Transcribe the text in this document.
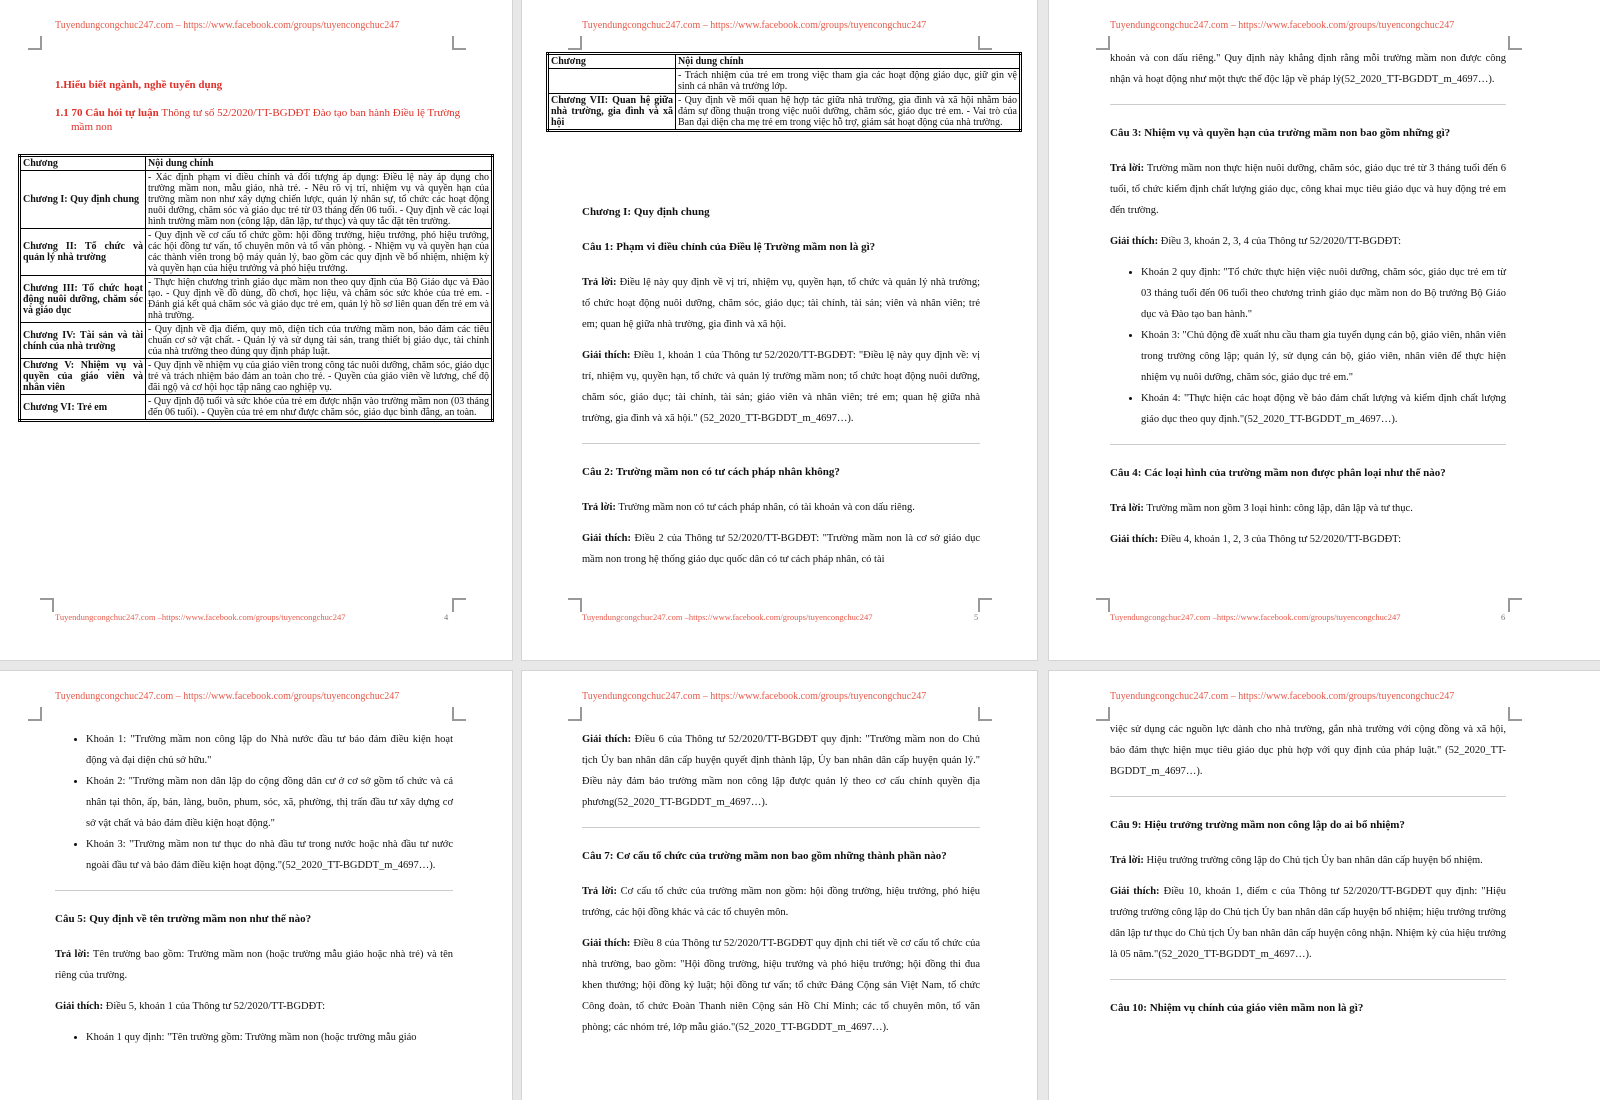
Tuyendungcongchuc247.com – https://www.facebook.com/groups/tuyencongchuc247
1.Hiểu biết ngành, nghề tuyển dụng
1.1 70 Câu hỏi tự luận Thông tư số 52/2020/TT-BGDĐT Đào tạo ban hành Điều lệ Trường mầm non
Chương	Nội dung chính
Chương I: Quy định chung	- Xác định phạm vi điều chỉnh và đối tượng áp dụng: Điều lệ này áp dụng cho trường mầm non, mẫu giáo, nhà trẻ. - Nêu rõ vị trí, nhiệm vụ và quyền hạn của trường mầm non như xây dựng chiến lược, quản lý nhân sự, tổ chức các hoạt động nuôi dưỡng, chăm sóc và giáo dục trẻ từ 03 tháng đến 06 tuổi. - Quy định về các loại hình trường mầm non (công lập, dân lập, tư thục) và quy tắc đặt tên trường.
Chương II: Tổ chức và quản lý nhà trường	- Quy định về cơ cấu tổ chức gồm: hội đồng trường, hiệu trưởng, phó hiệu trưởng, các hội đồng tư vấn, tổ chuyên môn và tổ văn phòng. - Nhiệm vụ và quyền hạn của các thành viên trong bộ máy quản lý, bao gồm các quy định về bổ nhiệm, nhiệm kỳ và quyền hạn của hiệu trưởng và phó hiệu trưởng.
Chương III: Tổ chức hoạt động nuôi dưỡng, chăm sóc và giáo dục	- Thực hiện chương trình giáo dục mầm non theo quy định của Bộ Giáo dục và Đào tạo. - Quy định về đồ dùng, đồ chơi, học liệu, và chăm sóc sức khỏe của trẻ em. - Đánh giá kết quả chăm sóc và giáo dục trẻ em, quản lý hồ sơ liên quan đến trẻ em và nhà trường.
Chương IV: Tài sản và tài chính của nhà trường	- Quy định về địa điểm, quy mô, diện tích của trường mầm non, bảo đảm các tiêu chuẩn cơ sở vật chất. - Quản lý và sử dụng tài sản, trang thiết bị giáo dục, tài chính của nhà trường theo đúng quy định pháp luật.
Chương V: Nhiệm vụ và quyền của giáo viên và nhân viên	- Quy định về nhiệm vụ của giáo viên trong công tác nuôi dưỡng, chăm sóc, giáo dục trẻ và trách nhiệm bảo đảm an toàn cho trẻ. - Quyền của giáo viên về lương, chế độ đãi ngộ và cơ hội học tập nâng cao nghiệp vụ.
Chương VI: Trẻ em	- Quy định độ tuổi và sức khỏe của trẻ em được nhận vào trường mầm non (03 tháng đến 06 tuổi). - Quyền của trẻ em như được chăm sóc, giáo dục bình đẳng, an toàn.
Tuyendungcongchuc247.com –https://www.facebook.com/groups/tuyencongchuc247	4
Tuyendungcongchuc247.com – https://www.facebook.com/groups/tuyencongchuc247
Chương	Nội dung chính
	- Trách nhiệm của trẻ em trong việc tham gia các hoạt động giáo dục, giữ gìn vệ sinh cá nhân và trường lớp.
Chương VII: Quan hệ giữa nhà trường, gia đình và xã hội	- Quy định về mối quan hệ hợp tác giữa nhà trường, gia đình và xã hội nhằm bảo đảm sự đồng thuận trong việc nuôi dưỡng, chăm sóc, giáo dục trẻ em. - Vai trò của Ban đại diện cha mẹ trẻ em trong việc hỗ trợ, giám sát hoạt động của nhà trường.
Chương I: Quy định chung
Câu 1: Phạm vi điều chỉnh của Điều lệ Trường mầm non là gì?

Trả lời: Điều lệ này quy định về vị trí, nhiệm vụ, quyền hạn, tổ chức và quản lý nhà trường; tổ chức hoạt động nuôi dưỡng, chăm sóc, giáo dục; tài chính, tài sản; viên và nhân viên; trẻ em; quan hệ giữa nhà trường, gia đình và xã hội.

Giải thích: Điều 1, khoản 1 của Thông tư 52/2020/TT-BGDĐT: "Điều lệ này quy định về: vị trí, nhiệm vụ, quyền hạn, tổ chức và quản lý trường mầm non; tổ chức hoạt động nuôi dưỡng, chăm sóc, giáo dục; tài chính, tài sản; giáo viên và nhân viên; trẻ em; quan hệ giữa nhà trường, gia đình và xã hội." (52_2020_TT-BGDDT_m_4697…).

Câu 2: Trường mầm non có tư cách pháp nhân không?

Trả lời: Trường mầm non có tư cách pháp nhân, có tài khoản và con dấu riêng.

Giải thích: Điều 2 của Thông tư 52/2020/TT-BGDĐT: "Trường mầm non là cơ sở giáo dục mầm non trong hệ thống giáo dục quốc dân có tư cách pháp nhân, có tài

Tuyendungcongchuc247.com –https://www.facebook.com/groups/tuyencongchuc247	5
Tuyendungcongchuc247.com – https://www.facebook.com/groups/tuyencongchuc247

khoản và con dấu riêng." Quy định này khẳng định rằng mỗi trường mầm non được công nhận và hoạt động như một thực thể độc lập về pháp lý(52_2020_TT-BGDDT_m_4697…).

Câu 3: Nhiệm vụ và quyền hạn của trường mầm non bao gồm những gì?

Trả lời: Trường mầm non thực hiện nuôi dưỡng, chăm sóc, giáo dục trẻ từ 3 tháng tuổi đến 6 tuổi, tổ chức kiểm định chất lượng giáo dục, công khai mục tiêu giáo dục và huy động trẻ em đến trường.

Giải thích: Điều 3, khoản 2, 3, 4 của Thông tư 52/2020/TT-BGDĐT:

• Khoản 2 quy định: "Tổ chức thực hiện việc nuôi dưỡng, chăm sóc, giáo dục trẻ em từ 03 tháng tuổi đến 06 tuổi theo chương trình giáo dục mầm non do Bộ trưởng Bộ Giáo dục và Đào tạo ban hành."
• Khoản 3: "Chủ động đề xuất nhu cầu tham gia tuyển dụng cán bộ, giáo viên, nhân viên trong trường công lập; quản lý, sử dụng cán bộ, giáo viên, nhân viên để thực hiện nhiệm vụ nuôi dưỡng, chăm sóc, giáo dục trẻ em."
• Khoản 4: "Thực hiện các hoạt động về bảo đảm chất lượng và kiểm định chất lượng giáo dục theo quy định."(52_2020_TT-BGDDT_m_4697…).
Câu 4: Các loại hình của trường mầm non được phân loại như thế nào?

Trả lời: Trường mầm non gồm 3 loại hình: công lập, dân lập và tư thục.

Giải thích: Điều 4, khoản 1, 2, 3 của Thông tư 52/2020/TT-BGDĐT:

Tuyendungcongchuc247.com –https://www.facebook.com/groups/tuyencongchuc247	6
Tuyendungcongchuc247.com – https://www.facebook.com/groups/tuyencongchuc247
• Khoản 1: "Trường mầm non công lập do Nhà nước đầu tư bảo đảm điều kiện hoạt động và đại diện chủ sở hữu."
• Khoản 2: "Trường mầm non dân lập do cộng đồng dân cư ở cơ sở gồm tổ chức và cá nhân tại thôn, ấp, bản, làng, buôn, phum, sóc, xã, phường, thị trấn đầu tư xây dựng cơ sở vật chất và bảo đảm điều kiện hoạt động."
• Khoản 3: "Trường mầm non tư thục do nhà đầu tư trong nước hoặc nhà đầu tư nước ngoài đầu tư và bảo đảm điều kiện hoạt động."(52_2020_TT-BGDDT_m_4697…).
Câu 5: Quy định về tên trường mầm non như thế nào?

Trả lời: Tên trường bao gồm: Trường mầm non (hoặc trường mẫu giáo hoặc nhà trẻ) và tên riêng của trường.

Giải thích: Điều 5, khoản 1 của Thông tư 52/2020/TT-BGDĐT:

• Khoản 1 quy định: "Tên trường gồm: Trường mầm non (hoặc trường mẫu giáo
Tuyendungcongchuc247.com – https://www.facebook.com/groups/tuyencongchuc247

Giải thích: Điều 6 của Thông tư 52/2020/TT-BGDĐT quy định: "Trường mầm non do Chủ tịch Ủy ban nhân dân cấp huyện quyết định thành lập, Ủy ban nhân dân cấp huyện quản lý." Điều này đảm bảo trường mầm non công lập được quản lý theo cơ cấu chính quyền địa phương(52_2020_TT-BGDDT_m_4697…).

Câu 7: Cơ cấu tổ chức của trường mầm non bao gồm những thành phần nào?

Trả lời: Cơ cấu tổ chức của trường mầm non gồm: hội đồng trường, hiệu trưởng, phó hiệu trưởng, các hội đồng khác và các tổ chuyên môn.

Giải thích: Điều 8 của Thông tư 52/2020/TT-BGDĐT quy định chi tiết về cơ cấu tổ chức của nhà trường, bao gồm: "Hội đồng trường, hiệu trưởng và phó hiệu trưởng; hội đồng thi đua khen thưởng; hội đồng kỷ luật; hội đồng tư vấn; tổ chức Đảng Cộng sản Việt Nam, tổ chức Công đoàn, tổ chức Đoàn Thanh niên Cộng sản Hồ Chí Minh; các tổ chuyên môn, tổ văn phòng; các nhóm trẻ, lớp mẫu giáo."(52_2020_TT-BGDDT_m_4697…).

Tuyendungcongchuc247.com – https://www.facebook.com/groups/tuyencongchuc247

việc sử dụng các nguồn lực dành cho nhà trường, gắn nhà trường với cộng đồng và xã hội, bảo đảm thực hiện mục tiêu giáo dục phù hợp với quy định của pháp luật." (52_2020_TT-BGDDT_m_4697…).

Câu 9: Hiệu trưởng trường mầm non công lập do ai bổ nhiệm?

Trả lời: Hiệu trưởng trường công lập do Chủ tịch Ủy ban nhân dân cấp huyện bổ nhiệm.

Giải thích: Điều 10, khoản 1, điểm c của Thông tư 52/2020/TT-BGDĐT quy định: "Hiệu trưởng trường công lập do Chủ tịch Ủy ban nhân dân cấp huyện bổ nhiệm; hiệu trưởng trường dân lập tư thục do Chủ tịch Ủy ban nhân dân cấp huyện công nhận. Nhiệm kỳ của hiệu trưởng là 05 năm."(52_2020_TT-BGDDT_m_4697…).

Câu 10: Nhiệm vụ chính của giáo viên mầm non là gì?
